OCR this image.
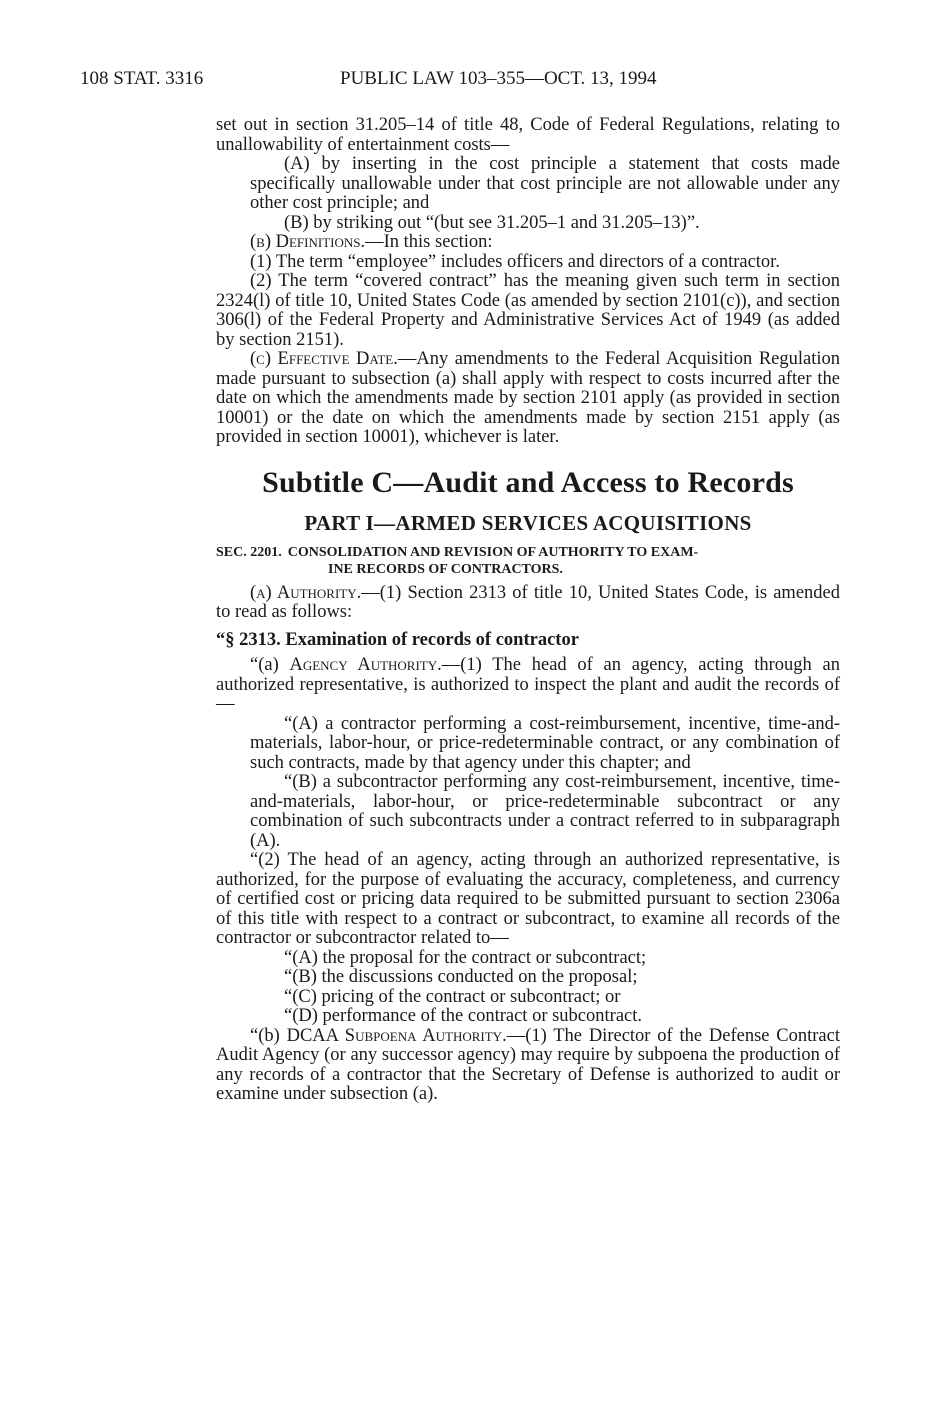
108 STAT. 3316	PUBLIC LAW 103–355—OCT. 13, 1994

set out in section 31.205–14 of title 48, Code of Federal Regulations, relating to unallowability of entertainment costs—

(A) by inserting in the cost principle a statement that costs made specifically unallowable under that cost principle are not allowable under any other cost principle; and

(B) by striking out “(but see 31.205–1 and 31.205–13)”.

(b) Definitions.—In this section:

(1) The term “employee” includes officers and directors of a contractor.

(2) The term “covered contract” has the meaning given such term in section 2324(l) of title 10, United States Code (as amended by section 2101(c)), and section 306(l) of the Federal Property and Administrative Services Act of 1949 (as added by section 2151).

(c) Effective Date.—Any amendments to the Federal Acquisition Regulation made pursuant to subsection (a) shall apply with respect to costs incurred after the date on which the amendments made by section 2101 apply (as provided in section 10001) or the date on which the amendments made by section 2151 apply (as provided in section 10001), whichever is later.

Subtitle C—Audit and Access to Records

PART I—ARMED SERVICES ACQUISITIONS

SEC. 2201. CONSOLIDATION AND REVISION OF AUTHORITY TO EXAM-
INE RECORDS OF CONTRACTORS.

(a) Authority.—(1) Section 2313 of title 10, United States Code, is amended to read as follows:

“§ 2313. Examination of records of contractor

“(a) Agency Authority.—(1) The head of an agency, acting through an authorized representative, is authorized to inspect the plant and audit the records of—

“(A) a contractor performing a cost-reimbursement, incentive, time-and-materials, labor-hour, or price-redeterminable contract, or any combination of such contracts, made by that agency under this chapter; and

“(B) a subcontractor performing any cost-reimbursement, incentive, time-and-materials, labor-hour, or price-redeterminable subcontract or any combination of such subcontracts under a contract referred to in subparagraph (A).

“(2) The head of an agency, acting through an authorized representative, is authorized, for the purpose of evaluating the accuracy, completeness, and currency of certified cost or pricing data required to be submitted pursuant to section 2306a of this title with respect to a contract or subcontract, to examine all records of the contractor or subcontractor related to—

“(A) the proposal for the contract or subcontract;

“(B) the discussions conducted on the proposal;

“(C) pricing of the contract or subcontract; or

“(D) performance of the contract or subcontract.

“(b) DCAA Subpoena Authority.—(1) The Director of the Defense Contract Audit Agency (or any successor agency) may require by subpoena the production of any records of a contractor that the Secretary of Defense is authorized to audit or examine under subsection (a).
